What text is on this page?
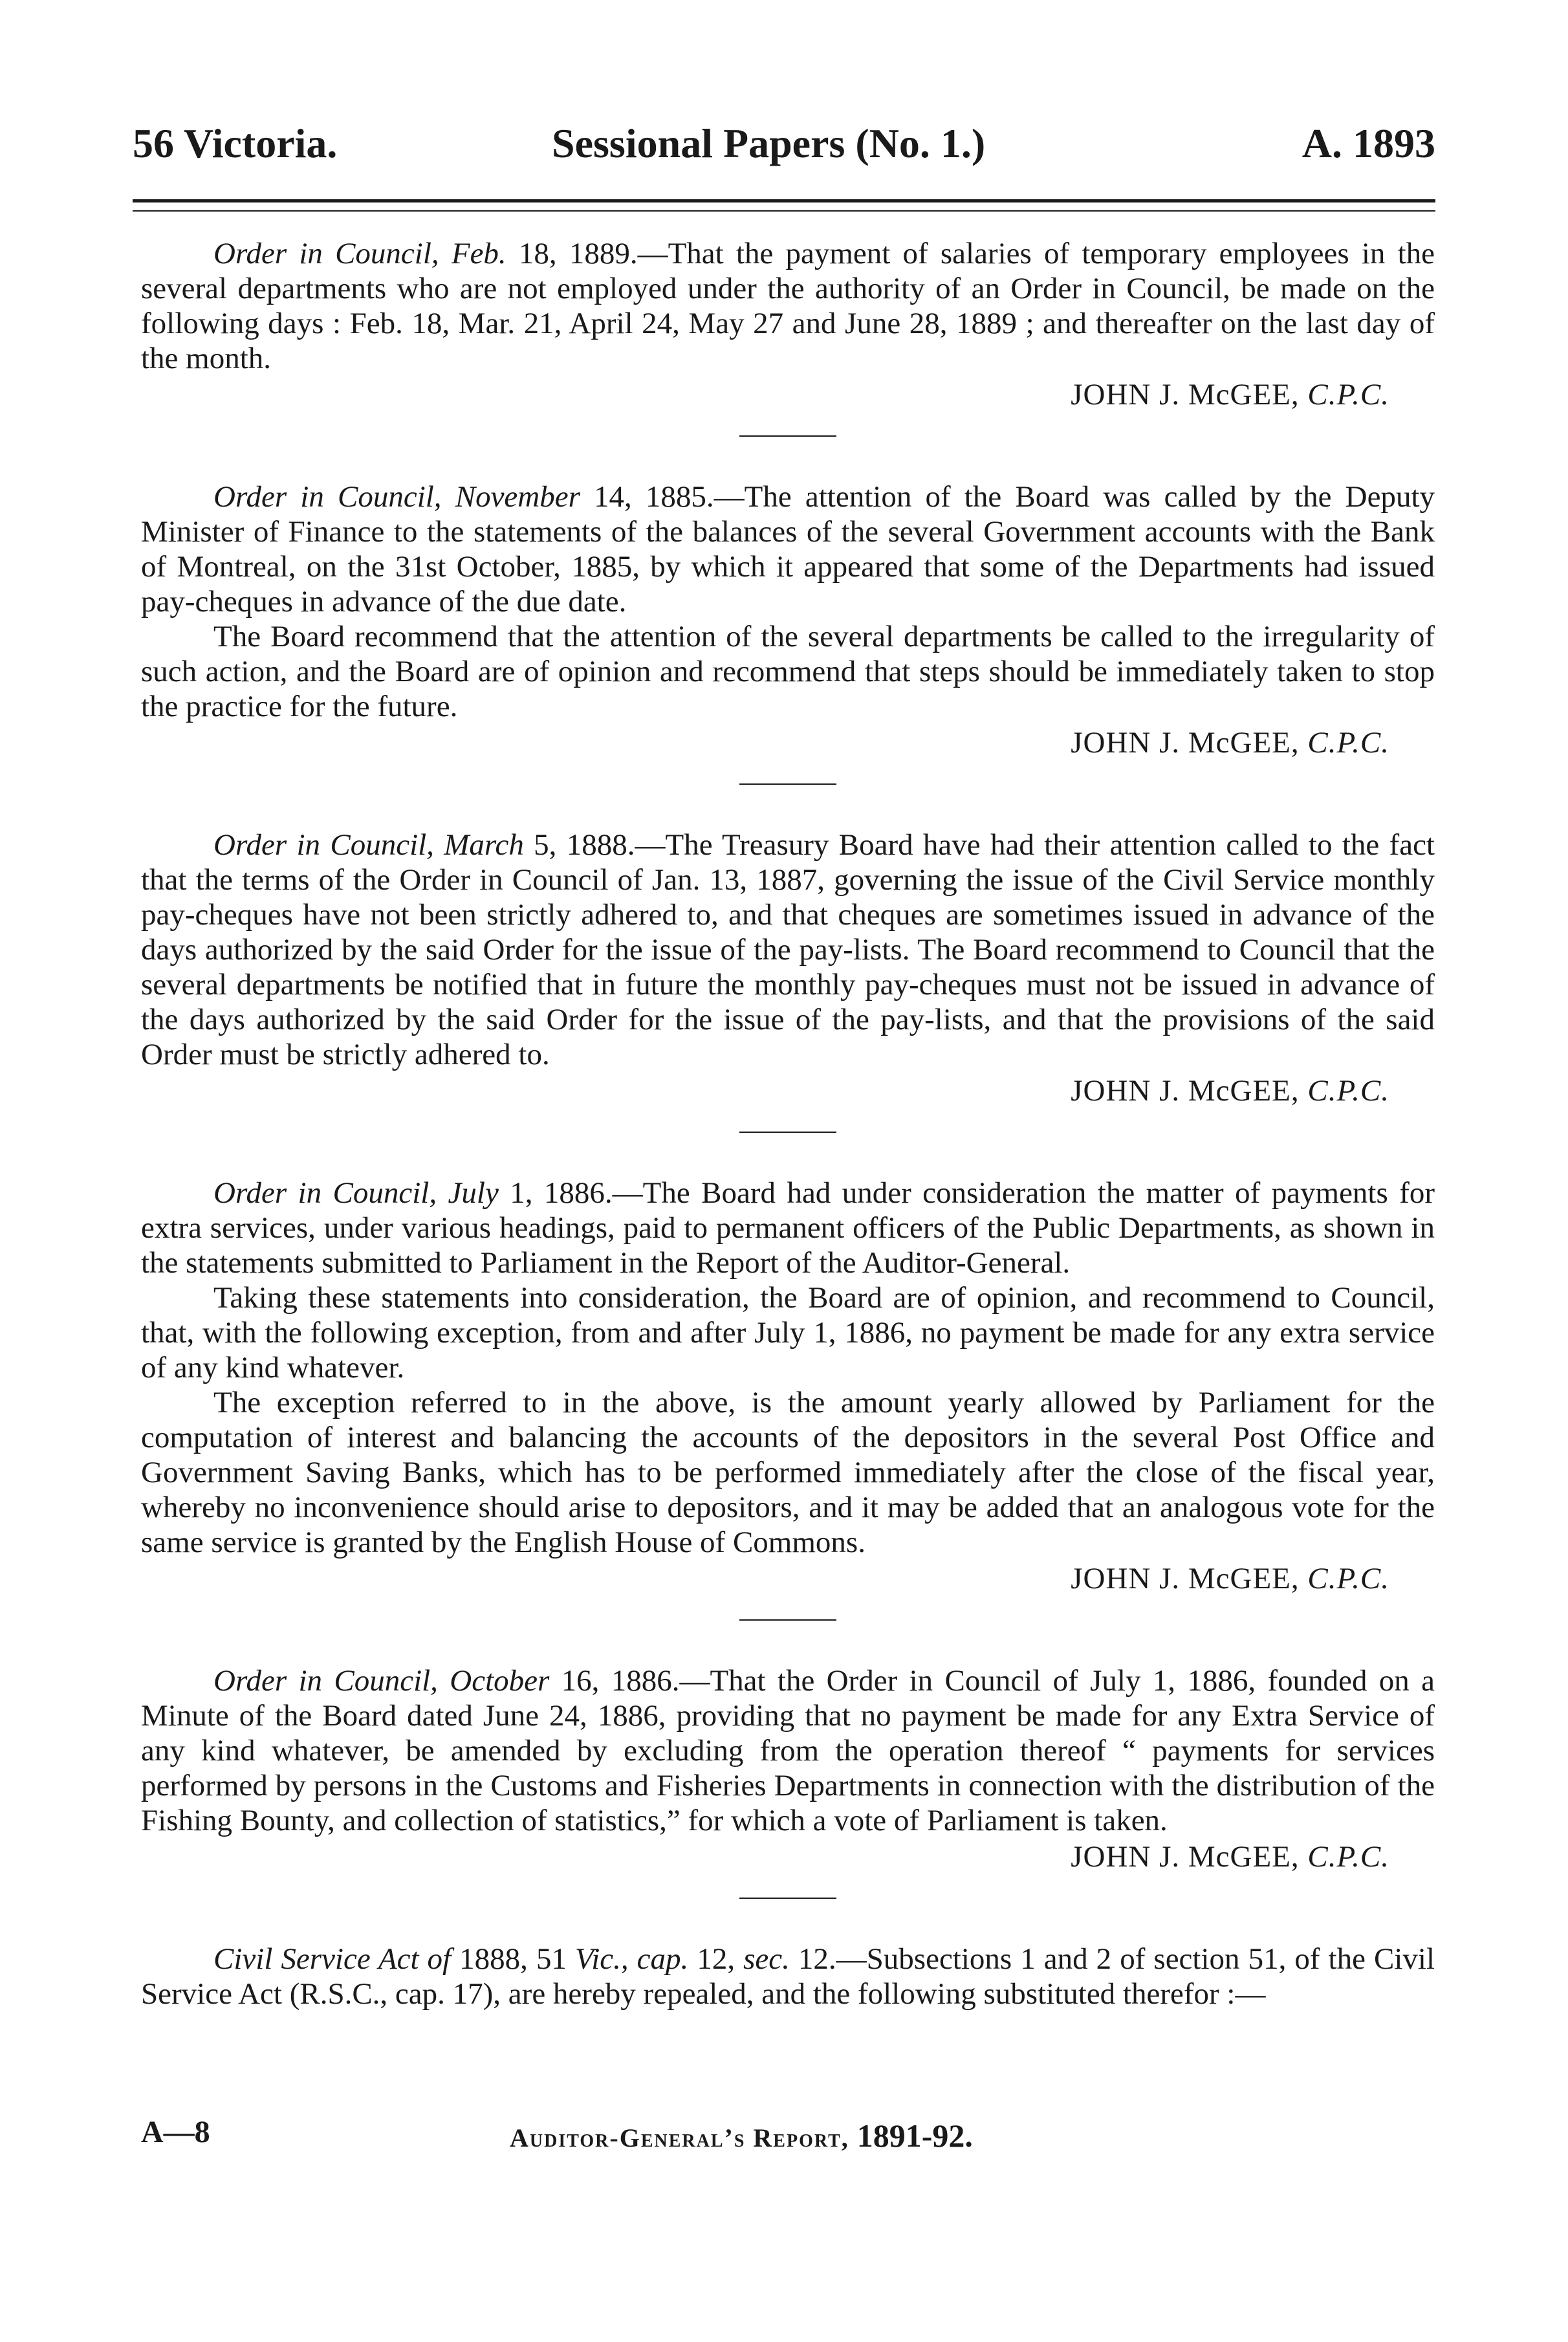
56 Victoria.	Sessional Papers (No. 1.)	A. 1893

Order in Council, Feb. 18, 1889.—That the payment of salaries of temporary employees in the several departments who are not employed under the authority of an Order in Council, be made on the following days : Feb. 18, Mar. 21, April 24, May 27 and June 28, 1889 ; and thereafter on the last day of the month.

JOHN J. McGEE, C.P.C.

Order in Council, November 14, 1885.—The attention of the Board was called by the Deputy Minister of Finance to the statements of the balances of the several Government accounts with the Bank of Montreal, on the 31st October, 1885, by which it appeared that some of the Departments had issued pay-cheques in advance of the due date.

The Board recommend that the attention of the several departments be called to the irregularity of such action, and the Board are of opinion and recommend that steps should be immediately taken to stop the practice for the future.

JOHN J. McGEE, C.P.C.

Order in Council, March 5, 1888.—The Treasury Board have had their attention called to the fact that the terms of the Order in Council of Jan. 13, 1887, governing the issue of the Civil Service monthly pay-cheques have not been strictly adhered to, and that cheques are sometimes issued in advance of the days authorized by the said Order for the issue of the pay-lists. The Board recommend to Council that the several departments be notified that in future the monthly pay-cheques must not be issued in advance of the days authorized by the said Order for the issue of the pay-lists, and that the provisions of the said Order must be strictly adhered to.

JOHN J. McGEE, C.P.C.

Order in Council, July 1, 1886.—The Board had under consideration the matter of payments for extra services, under various headings, paid to permanent officers of the Public Departments, as shown in the statements submitted to Parliament in the Report of the Auditor-General.

Taking these statements into consideration, the Board are of opinion, and recommend to Council, that, with the following exception, from and after July 1, 1886, no payment be made for any extra service of any kind whatever.

The exception referred to in the above, is the amount yearly allowed by Parliament for the computation of interest and balancing the accounts of the depositors in the several Post Office and Government Saving Banks, which has to be performed immediately after the close of the fiscal year, whereby no inconvenience should arise to depositors, and it may be added that an analogous vote for the same service is granted by the English House of Commons.

JOHN J. McGEE, C.P.C.

Order in Council, October 16, 1886.—That the Order in Council of July 1, 1886, founded on a Minute of the Board dated June 24, 1886, providing that no payment be made for any Extra Service of any kind whatever, be amended by excluding from the operation thereof “ payments for services performed by persons in the Customs and Fisheries Departments in connection with the distribution of the Fishing Bounty, and collection of statistics,” for which a vote of Parliament is taken.

JOHN J. McGEE, C.P.C.

Civil Service Act of 1888, 51 Vic., cap. 12, sec. 12.—Subsections 1 and 2 of section 51, of the Civil Service Act (R.S.C., cap. 17), are hereby repealed, and the following substituted therefor :—

A—8	Auditor-General’s Report, 1891-92.
